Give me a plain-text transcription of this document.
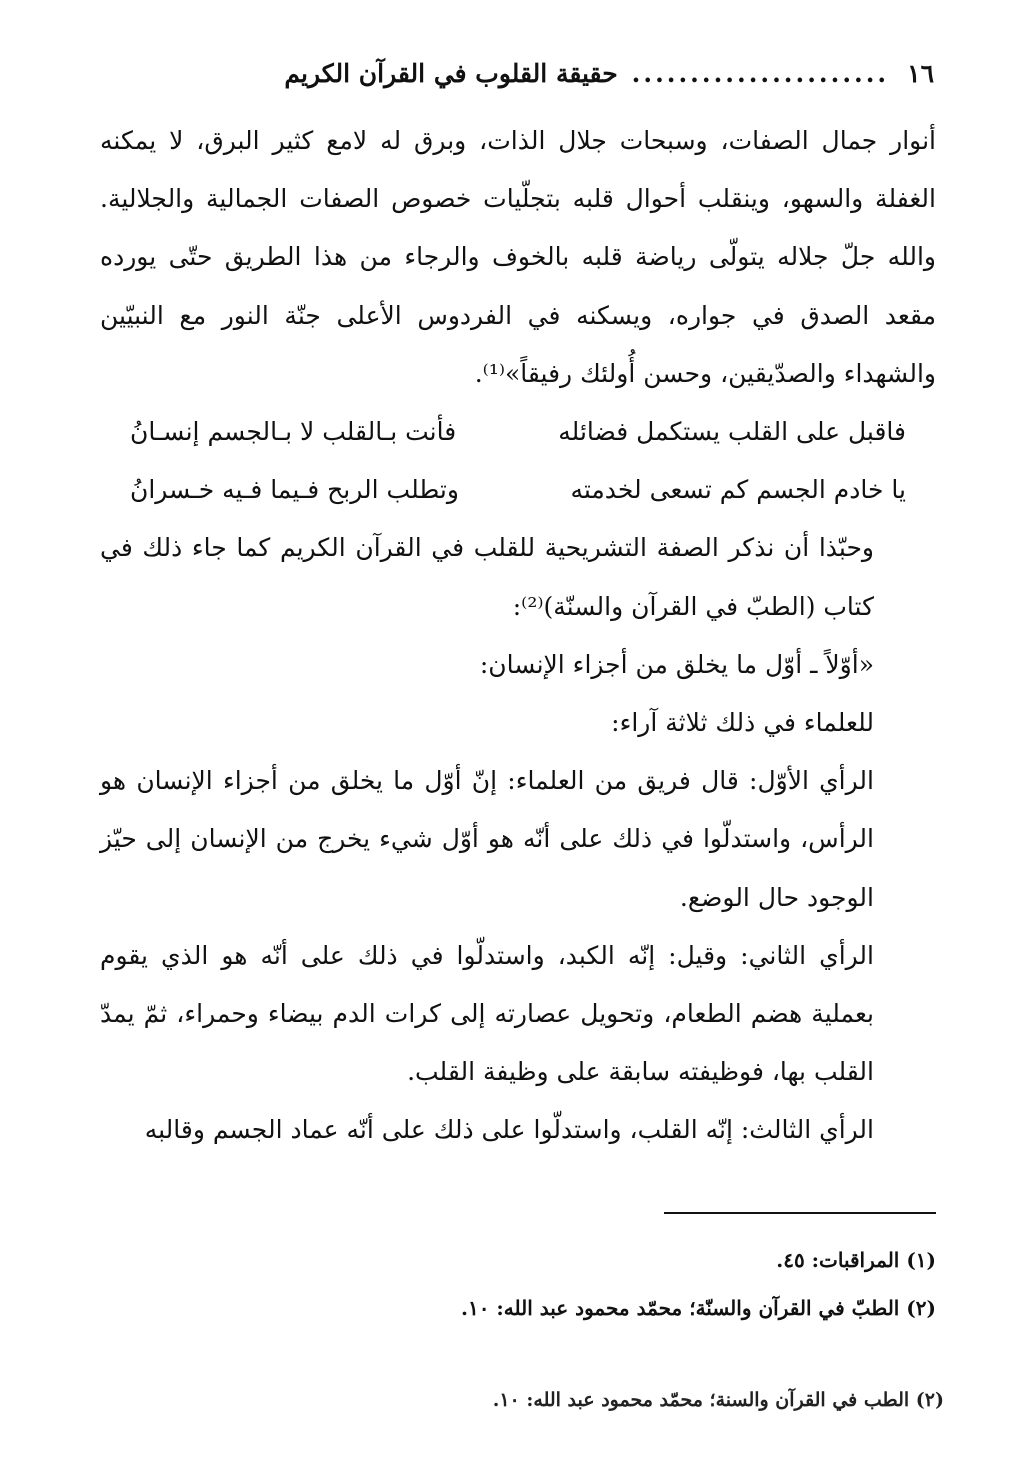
١٦
......................
حقيقة القلوب في القرآن الكريم

أنوار جمال الصفات، وسبحات جلال الذات، وبرق له لامع كثير البرق، لا يمكنه الغفلة والسهو، وينقلب أحوال قلبه بتجلّيات خصوص الصفات الجمالية والجلالية. والله جلّ جلاله يتولّى رياضة قلبه بالخوف والرجاء من هذا الطريق حتّى يورده مقعد الصدق في جواره، ويسكنه في الفردوس الأعلى جنّة النور مع النبيّين والشهداء والصدّيقين، وحسن أُولئك رفيقاً»⁽¹⁾.

فاقبل على القلب يستكمل فضائله
فأنت بـالقلب لا بـالجسم إنسـانُ
يا خادم الجسم كم تسعى لخدمته
وتطلب الربح فـيما فـيه خـسرانُ

وحبّذا أن نذكر الصفة التشريحية للقلب في القرآن الكريم كما جاء ذلك في كتاب (الطبّ في القرآن والسنّة)⁽²⁾:

«أوّلاً ـ أوّل ما يخلق من أجزاء الإنسان:

للعلماء في ذلك ثلاثة آراء:

الرأي الأوّل: قال فريق من العلماء: إنّ أوّل ما يخلق من أجزاء الإنسان هو الرأس، واستدلّوا في ذلك على أنّه هو أوّل شيء يخرج من الإنسان إلى حيّز الوجود حال الوضع.

الرأي الثاني: وقيل: إنّه الكبد، واستدلّوا في ذلك على أنّه هو الذي يقوم بعملية هضم الطعام، وتحويل عصارته إلى كرات الدم بيضاء وحمراء، ثمّ يمدّ القلب بها، فوظيفته سابقة على وظيفة القلب.

الرأي الثالث: إنّه القلب، واستدلّوا على ذلك على أنّه عماد الجسم وقالبه

(١) المراقبات: ٤٥.

(٢) الطبّ في القرآن والسنّة؛ محمّد محمود عبد الله: ١٠.

(٢) الطب في القرآن والسنة؛ محمّد محمود عبد الله: ١٠.
